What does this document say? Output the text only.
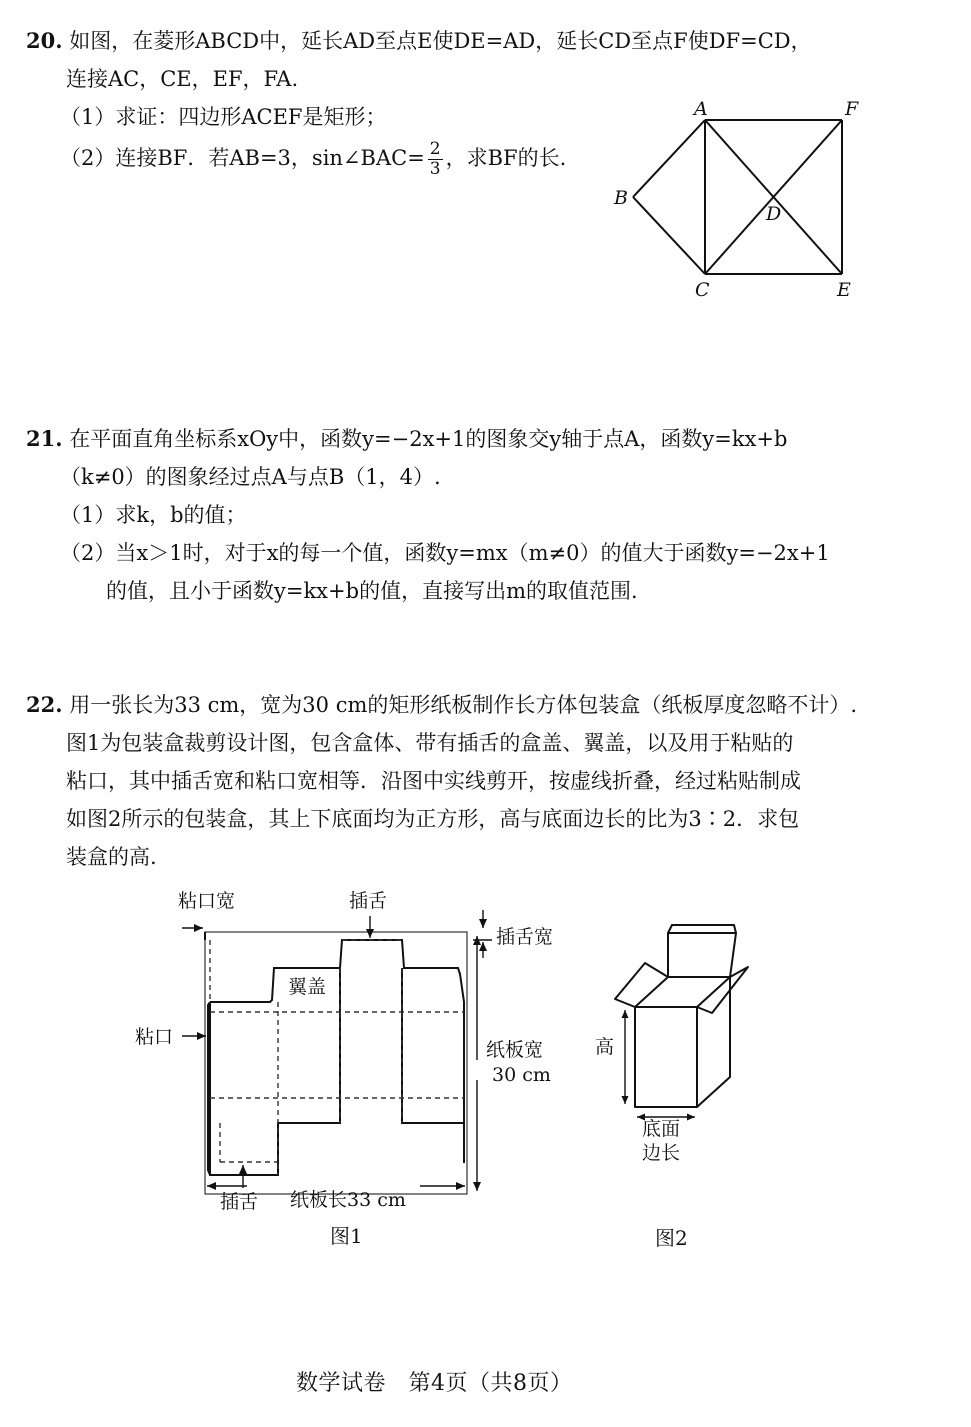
20. 如图，在菱形ABCD中，延长AD至点E使DE=AD，延长CD至点F使DF=CD，
连接AC，CE，EF，FA.
（1）求证：四边形ACEF是矩形；
（2）连接BF．若AB=3，sin∠BAC= $\frac{2}{3}$ ，求BF的长.
A	F
B
D
C	E
21. 在平面直角坐标系xOy中，函数y=−2x+1的图象交y轴于点A，函数y=kx+b
（k≠0）的图象经过点A与点B（1，4）.
（1）求k，b的值；
（2）当x＞1时，对于x的每一个值，函数y=mx（m≠0）的值大于函数y=−2x+1
的值，且小于函数y=kx+b的值，直接写出m的取值范围.
22. 用一张长为33 cm，宽为30 cm的矩形纸板制作长方体包装盒（纸板厚度忽略不计）.
图1为包装盒裁剪设计图，包含盒体、带有插舌的盒盖、翼盖，以及用于粘贴的
粘口，其中插舌宽和粘口宽相等．沿图中实线剪开，按虚线折叠，经过粘贴制成
如图2所示的包装盒，其上下底面均为正方形，高与底面边长的比为3∶2．求包
装盒的高.
粘口宽	插舌
插舌宽
翼盖
粘口
纸板宽
30 cm
插舌 纸板长33 cm
图1
高
底面
边长
图2
数学试卷　第4页（共8页）
